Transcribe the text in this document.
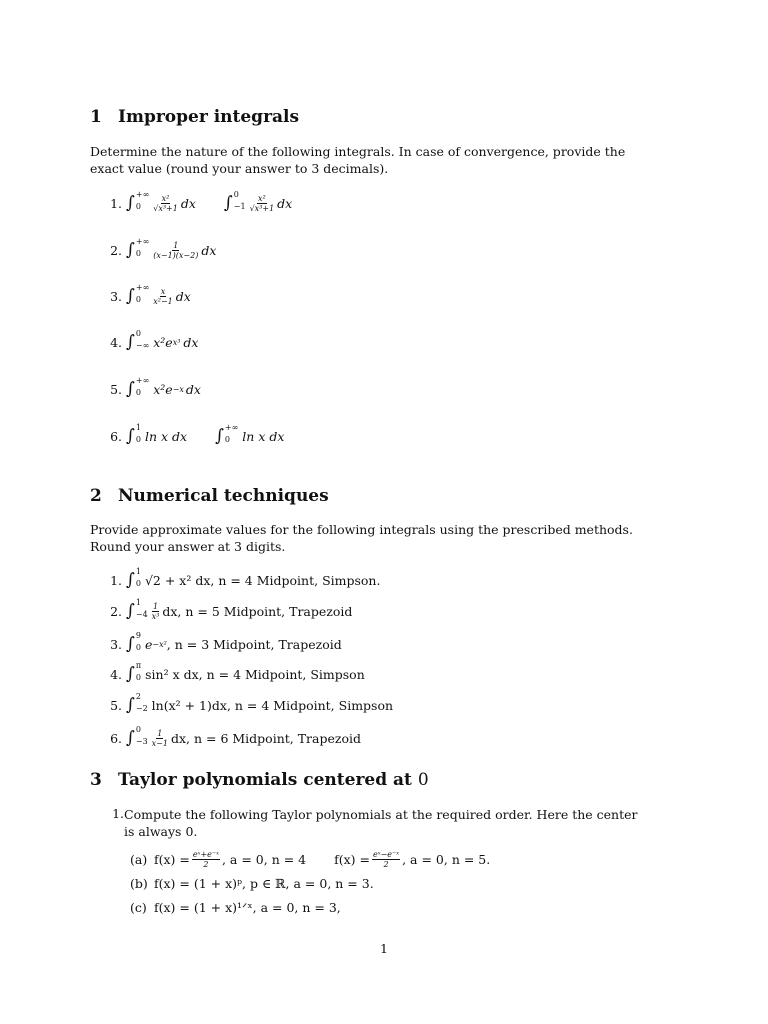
1 Improper integrals
Determine the nature of the following integrals. In case of convergence, provide the exact value (round your answer to 3 decimals).
1. ∫ +∞
0	$\frac{\text{x²}}{\text{√x³+1}}$ dx ∫ 0
$-1 \frac{\text{x²}}{\text{√x³+1}}$ dx
2. ∫ +∞
0	$\frac{1}{(x-1)(x-2)}$ dx
3. ∫ +∞
0	$\frac{x}{\text{x²−1}}$ dx
4. ∫ 0
−∞ x²e x³ dx
5. ∫ +∞
0 x²e −x dx
6. ∫ 1
0 ln x dx ∫ +∞
0 ln x dx
2 Numerical techniques
Provide approximate values for the following integrals using the prescribed methods. Round your answer at 3 digits.
1. ∫ 1
0 √2 + x² dx, n = 4 Midpoint, Simpson.
2. ∫ 1
$-4 \frac{1}{\text{x³}}$ dx, n = 5 Midpoint, Trapezoid
3. ∫ 9
0 e −x² , n = 3 Midpoint, Trapezoid
4. ∫ π
0 sin² x dx, n = 4 Midpoint, Simpson
5. ∫ 2
−2 ln(x² + 1)dx, n = 4 Midpoint, Simpson
6. ∫ 0
$-3 \frac{1}{x-1}$ dx, n = 6 Midpoint, Trapezoid
3 Taylor polynomials centered at 0
1. Compute the following Taylor polynomials at the required order. Here the center is always 0.
(a) $f(x) = \frac{\text{eˣ+e⁻ˣ}}{2}$ , a = 0, n = 4 $f(x) = \frac{\text{eˣ−e⁻ˣ}}{2}$ , a = 0, n = 5.
(b) f(x) = (1 + x)ᵖ, p ∈ ℝ, a = 0, n = 3.
(c) f(x) = (1 + x)¹ᐟˣ, a = 0, n = 3,
1
